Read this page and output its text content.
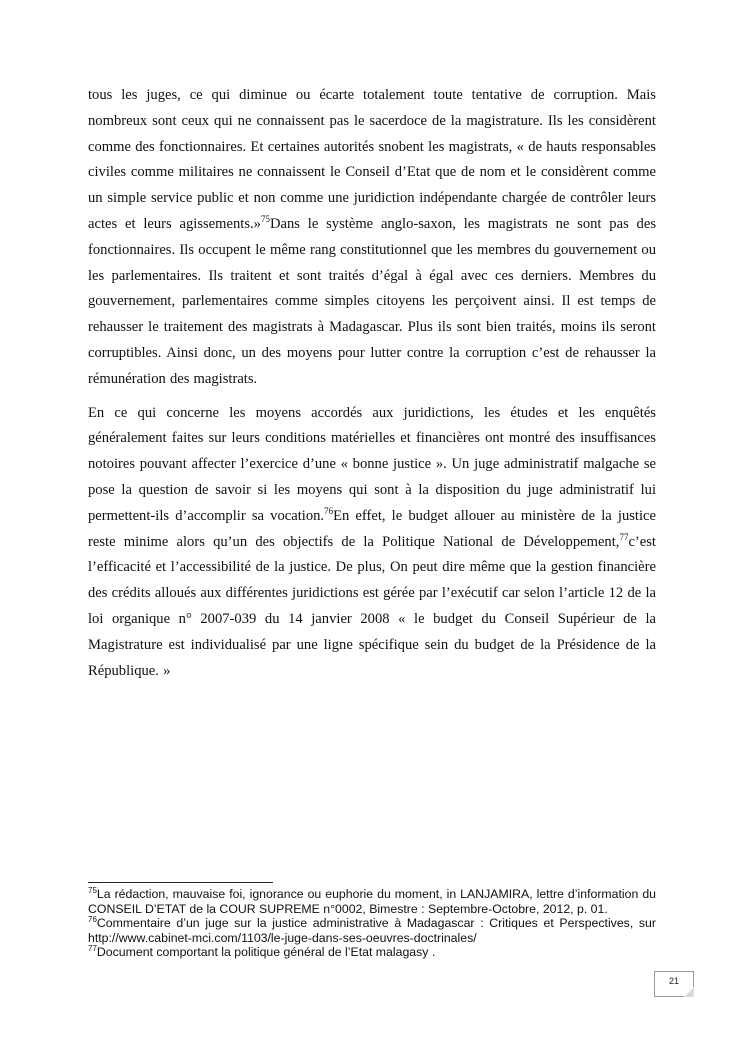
tous les juges, ce qui diminue ou écarte totalement toute tentative de corruption. Mais nombreux sont ceux qui ne connaissent pas le sacerdoce de la magistrature. Ils les considèrent comme des fonctionnaires. Et certaines autorités snobent les magistrats, « de hauts responsables civiles comme militaires ne connaissent le Conseil d’Etat que de nom et le considèrent comme un simple service public et non comme une juridiction indépendante chargée de contrôler leurs actes et leurs agissements.»$^{75}$Dans le système anglo-saxon, les magistrats ne sont pas des fonctionnaires. Ils occupent le même rang constitutionnel que les membres du gouvernement ou les parlementaires. Ils traitent et sont traités d’égal à égal avec ces derniers. Membres du gouvernement, parlementaires comme simples citoyens les perçoivent ainsi. Il est temps de rehausser le traitement des magistrats à Madagascar. Plus ils sont bien traités, moins ils seront corruptibles. Ainsi donc, un des moyens pour lutter contre la corruption c’est de rehausser la rémunération des magistrats.

En ce qui concerne les moyens accordés aux juridictions, les études et les enquêtés généralement faites sur leurs conditions matérielles et financières ont montré des insuffisances notoires pouvant affecter l’exercice d’une « bonne justice ». Un juge administratif malgache se pose la question de savoir si les moyens qui sont à la disposition du juge administratif lui permettent-ils d’accomplir sa vocation.$^{76}$En effet, le budget allouer au ministère de la justice reste minime alors qu’un des objectifs de la Politique National de Développement,$^{77}$c’est l’efficacité et l’accessibilité de la justice. De plus, On peut dire même que la gestion financière des crédits alloués aux différentes juridictions est gérée par l’exécutif car selon l’article 12 de la loi organique n° 2007-039 du 14 janvier 2008 « le budget du Conseil Supérieur de la Magistrature est individualisé par une ligne spécifique sein du budget de la Présidence de la République. »

$^{75}$La rédaction, mauvaise foi, ignorance ou euphorie du moment, in LANJAMIRA, lettre d’information du CONSEIL D’ETAT de la COUR SUPREME n°0002, Bimestre : Septembre-Octobre, 2012, p. 01.

$^{76}$Commentaire d’un juge sur la justice administrative à Madagascar : Critiques et Perspectives, sur http://www.cabinet-mci.com/1103/le-juge-dans-ses-oeuvres-doctrinales/

$^{77}$Document comportant la politique général de l’Etat malagasy .

21
